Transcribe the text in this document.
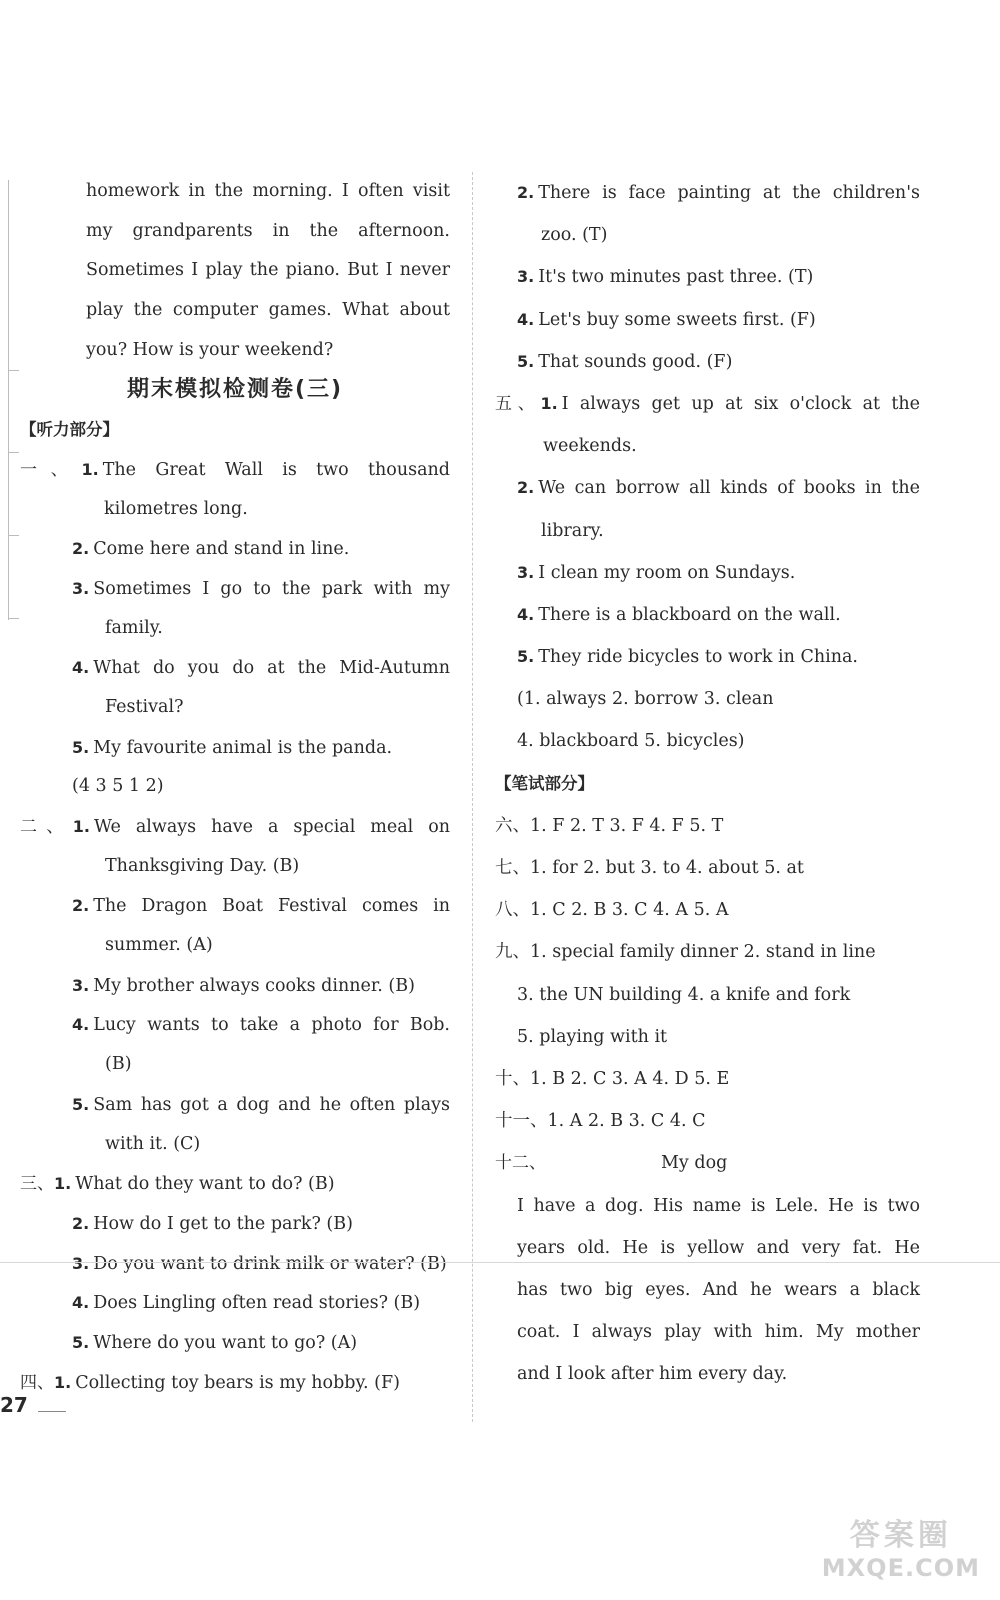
homework in the morning. I often visit
my grandparents in the afternoon.
Sometimes I play the piano. But I never
play the computer games. What about
you? How is your weekend?
期末模拟检测卷(三)
【听力部分】
一、1. The Great Wall is two thousand
kilometres long.
2. Come here and stand in line.
3. Sometimes I go to the park with my
family.
4. What do you do at the Mid-Autumn
Festival?
5. My favourite animal is the panda.
(4 3 5 1 2)
二、1. We always have a special meal on
Thanksgiving Day. (B)
2. The Dragon Boat Festival comes in
summer. (A)
3. My brother always cooks dinner. (B)
4. Lucy wants to take a photo for Bob.
(B)
5. Sam has got a dog and he often plays
with it. (C)
三、1. What do they want to do? (B)
2. How do I get to the park? (B)
3. Do you want to drink milk or water? (B)
4. Does Lingling often read stories? (B)
5. Where do you want to go? (A)
四、1. Collecting toy bears is my hobby. (F)
2. There is face painting at the children's
zoo. (T)
3. It's two minutes past three. (T)
4. Let's buy some sweets first. (F)
5. That sounds good. (F)
五、1. I always get up at six o'clock at the
weekends.
2. We can borrow all kinds of books in the
library.
3. I clean my room on Sundays.
4. There is a blackboard on the wall.
5. They ride bicycles to work in China.
(1. always 2. borrow 3. clean
4. blackboard 5. bicycles)
【笔试部分】
六、1. F 2. T 3. F 4. F 5. T
七、1. for 2. but 3. to 4. about 5. at
八、1. C 2. B 3. C 4. A 5. A
九、1. special family dinner 2. stand in line
3. the UN building 4. a knife and fork
5. playing with it
十、1. B 2. C 3. A 4. D 5. E
十一、1. A 2. B 3. C 4. C
十二、	My dog
I have a dog. His name is Lele. He is two
years old. He is yellow and very fat. He
has two big eyes. And he wears a black
coat. I always play with him. My mother
and I look after him every day.
27
答案圈
MXQE.COM
